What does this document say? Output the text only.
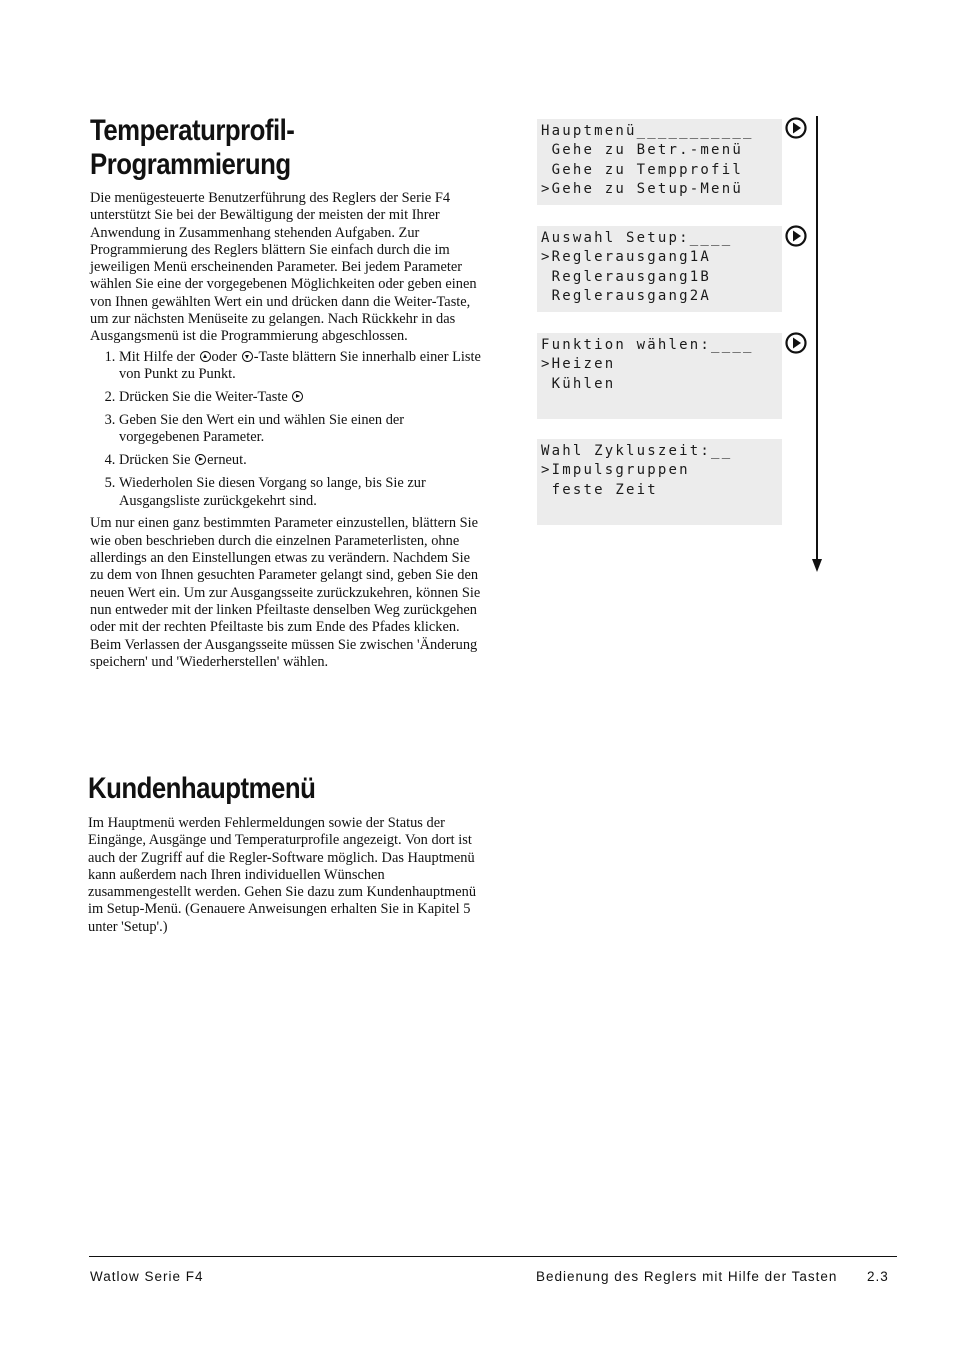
Temperaturprofil-
Programmierung

Die menügesteuerte Benutzerführung des Reglers der Serie F4 unterstützt Sie bei der Bewältigung der meisten der mit Ihrer Anwendung in Zusammenhang stehenden Aufgaben. Zur Programmierung des Reglers blättern Sie einfach durch die im jeweiligen Menü erscheinenden Parameter. Bei jedem Parameter wählen Sie eine der vorgegebenen Möglichkeiten oder geben einen von Ihnen gewählten Wert ein und drücken dann die Weiter-Taste, um zur nächsten Menüseite zu gelangen. Nach Rückkehr in das Ausgangsmenü ist die Programmierung abgeschlossen.

1. Mit Hilfe der oder -Taste blättern Sie innerhalb einer Liste von Punkt zu Punkt.
2. Drücken Sie die Weiter-Taste
3. Geben Sie den Wert ein und wählen Sie einen der vorgegebenen Parameter.
4. Drücken Sie erneut.
5. Wiederholen Sie diesen Vorgang so lange, bis Sie zur Ausgangsliste zurückgekehrt sind.

Um nur einen ganz bestimmten Parameter einzustellen, blättern Sie wie oben beschrieben durch die einzelnen Parameterlisten, ohne allerdings an den Einstellungen etwas zu verändern. Nachdem Sie zu dem von Ihnen gesuchten Parameter gelangt sind, geben Sie den neuen Wert ein. Um zur Ausgangsseite zurückzukehren, können Sie nun entweder mit der linken Pfeiltaste denselben Weg zurückgehen oder mit der rechten Pfeiltaste bis zum Ende des Pfades klicken. Beim Verlassen der Ausgangsseite müssen Sie zwischen 'Änderung speichern' und 'Wiederherstellen' wählen.

Kundenhauptmenü

Im Hauptmenü werden Fehlermeldungen sowie der Status der Eingänge, Ausgänge und Temperaturprofile angezeigt. Von dort ist auch der Zugriff auf die Regler-Software möglich. Das Hauptmenü kann außerdem nach Ihren individuellen Wünschen zusammengestellt werden. Gehen Sie dazu zum Kundenhauptmenü im Setup-Menü. (Genauere Anweisungen erhalten Sie in Kapitel 5 unter 'Setup'.)

Hauptmenü___________
Gehe zu Betr.-menü
Gehe zu Tempprofil
>Gehe zu Setup-Menü
Auswahl Setup:____
>Reglerausgang1A
Reglerausgang1B
Reglerausgang2A
Funktion wählen:____
>Heizen
Kühlen
Wahl Zykluszeit:__
>Impulsgruppen
feste Zeit
Watlow Serie F4	Bedienung des Reglers mit Hilfe der Tasten 2.3
